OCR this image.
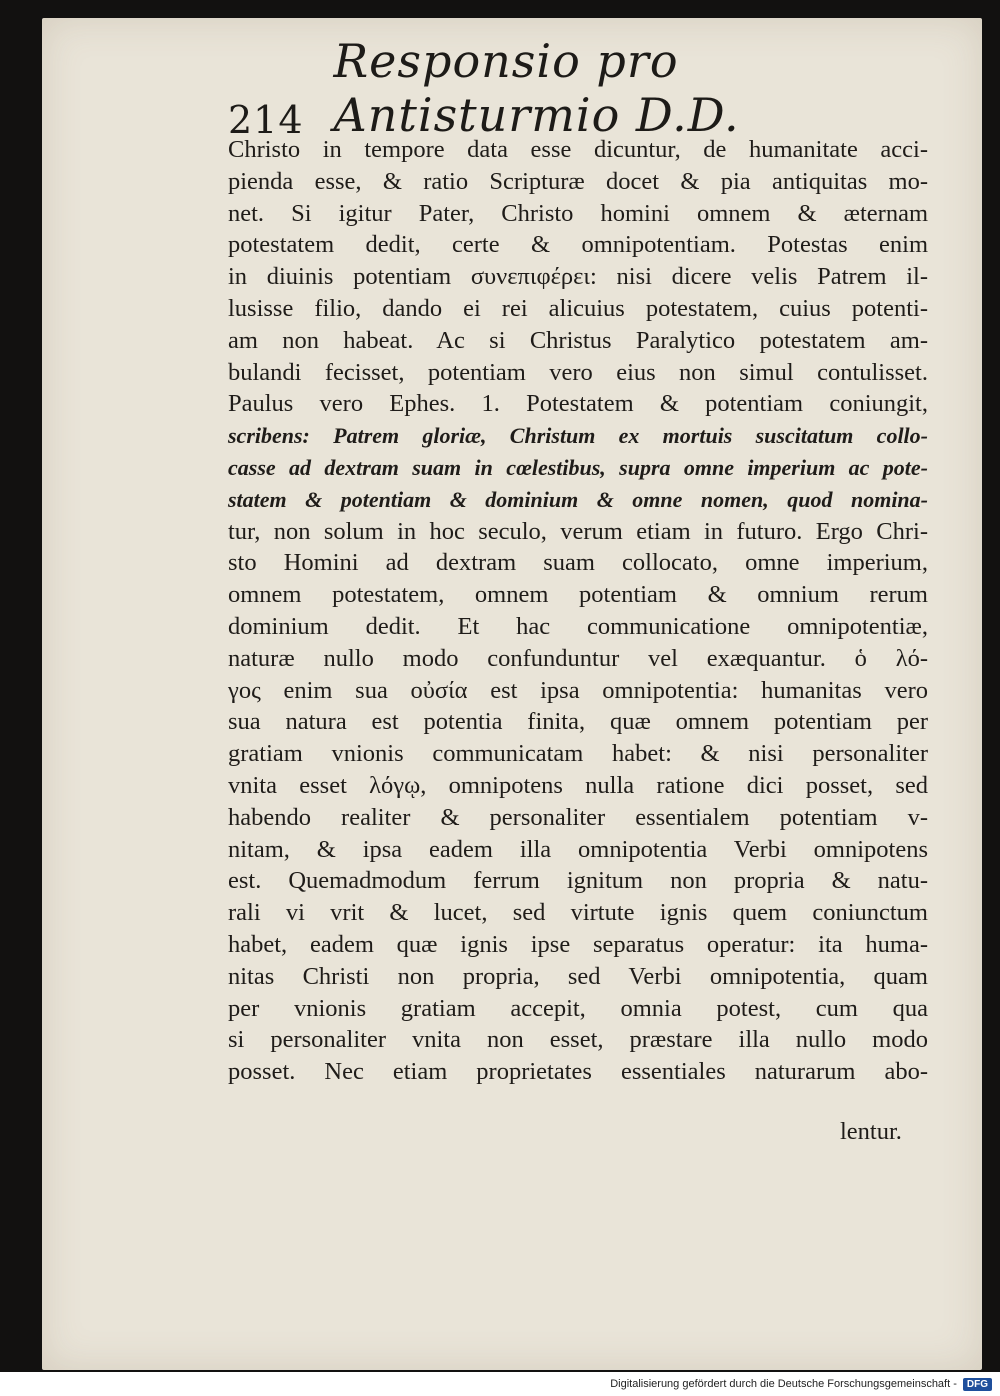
214
Responsio pro Antisturmio D.D.
Christo in tempore data esse dicuntur, de humanitate acci-
pienda esse, & ratio Scripturæ docet & pia antiquitas mo-
net. Si igitur Pater, Christo homini omnem & æternam
potestatem dedit, certe & omnipotentiam. Potestas enim
in diuinis potentiam συνεπιφέρει: nisi dicere velis Patrem il-
lusisse filio, dando ei rei alicuius potestatem, cuius potenti-
am non habeat. Ac si Christus Paralytico potestatem am-
bulandi fecisset, potentiam vero eius non simul contulisset.
Paulus vero Ephes. 1. Potestatem & potentiam coniungit,
scribens: Patrem gloriæ, Christum ex mortuis suscitatum collo-
casse ad dextram suam in cœlestibus, supra omne imperium ac pote-
statem & potentiam & dominium & omne nomen, quod nomina-
tur, non solum in hoc seculo, verum etiam in futuro. Ergo Chri-
sto Homini ad dextram suam collocato, omne imperium,
omnem potestatem, omnem potentiam & omnium rerum
dominium dedit. Et hac communicatione omnipotentiæ,
naturæ nullo modo confunduntur vel exæquantur. ὁ λό-
γος enim sua οὐσία est ipsa omnipotentia: humanitas vero
sua natura est potentia finita, quæ omnem potentiam per
gratiam vnionis communicatam habet: & nisi personaliter
vnita esset λόγῳ, omnipotens nulla ratione dici posset, sed
habendo realiter & personaliter essentialem potentiam v-
nitam, & ipsa eadem illa omnipotentia Verbi omnipotens
est. Quemadmodum ferrum ignitum non propria & natu-
rali vi vrit & lucet, sed virtute ignis quem coniunctum
habet, eadem quæ ignis ipse separatus operatur: ita huma-
nitas Christi non propria, sed Verbi omnipotentia, quam
per vnionis gratiam accepit, omnia potest, cum qua
si personaliter vnita non esset, præstare illa nullo modo
posset. Nec etiam proprietates essentiales naturarum abo-
lentur.
Digitalisierung gefördert durch die Deutsche Forschungsgemeinschaft -	DFG
